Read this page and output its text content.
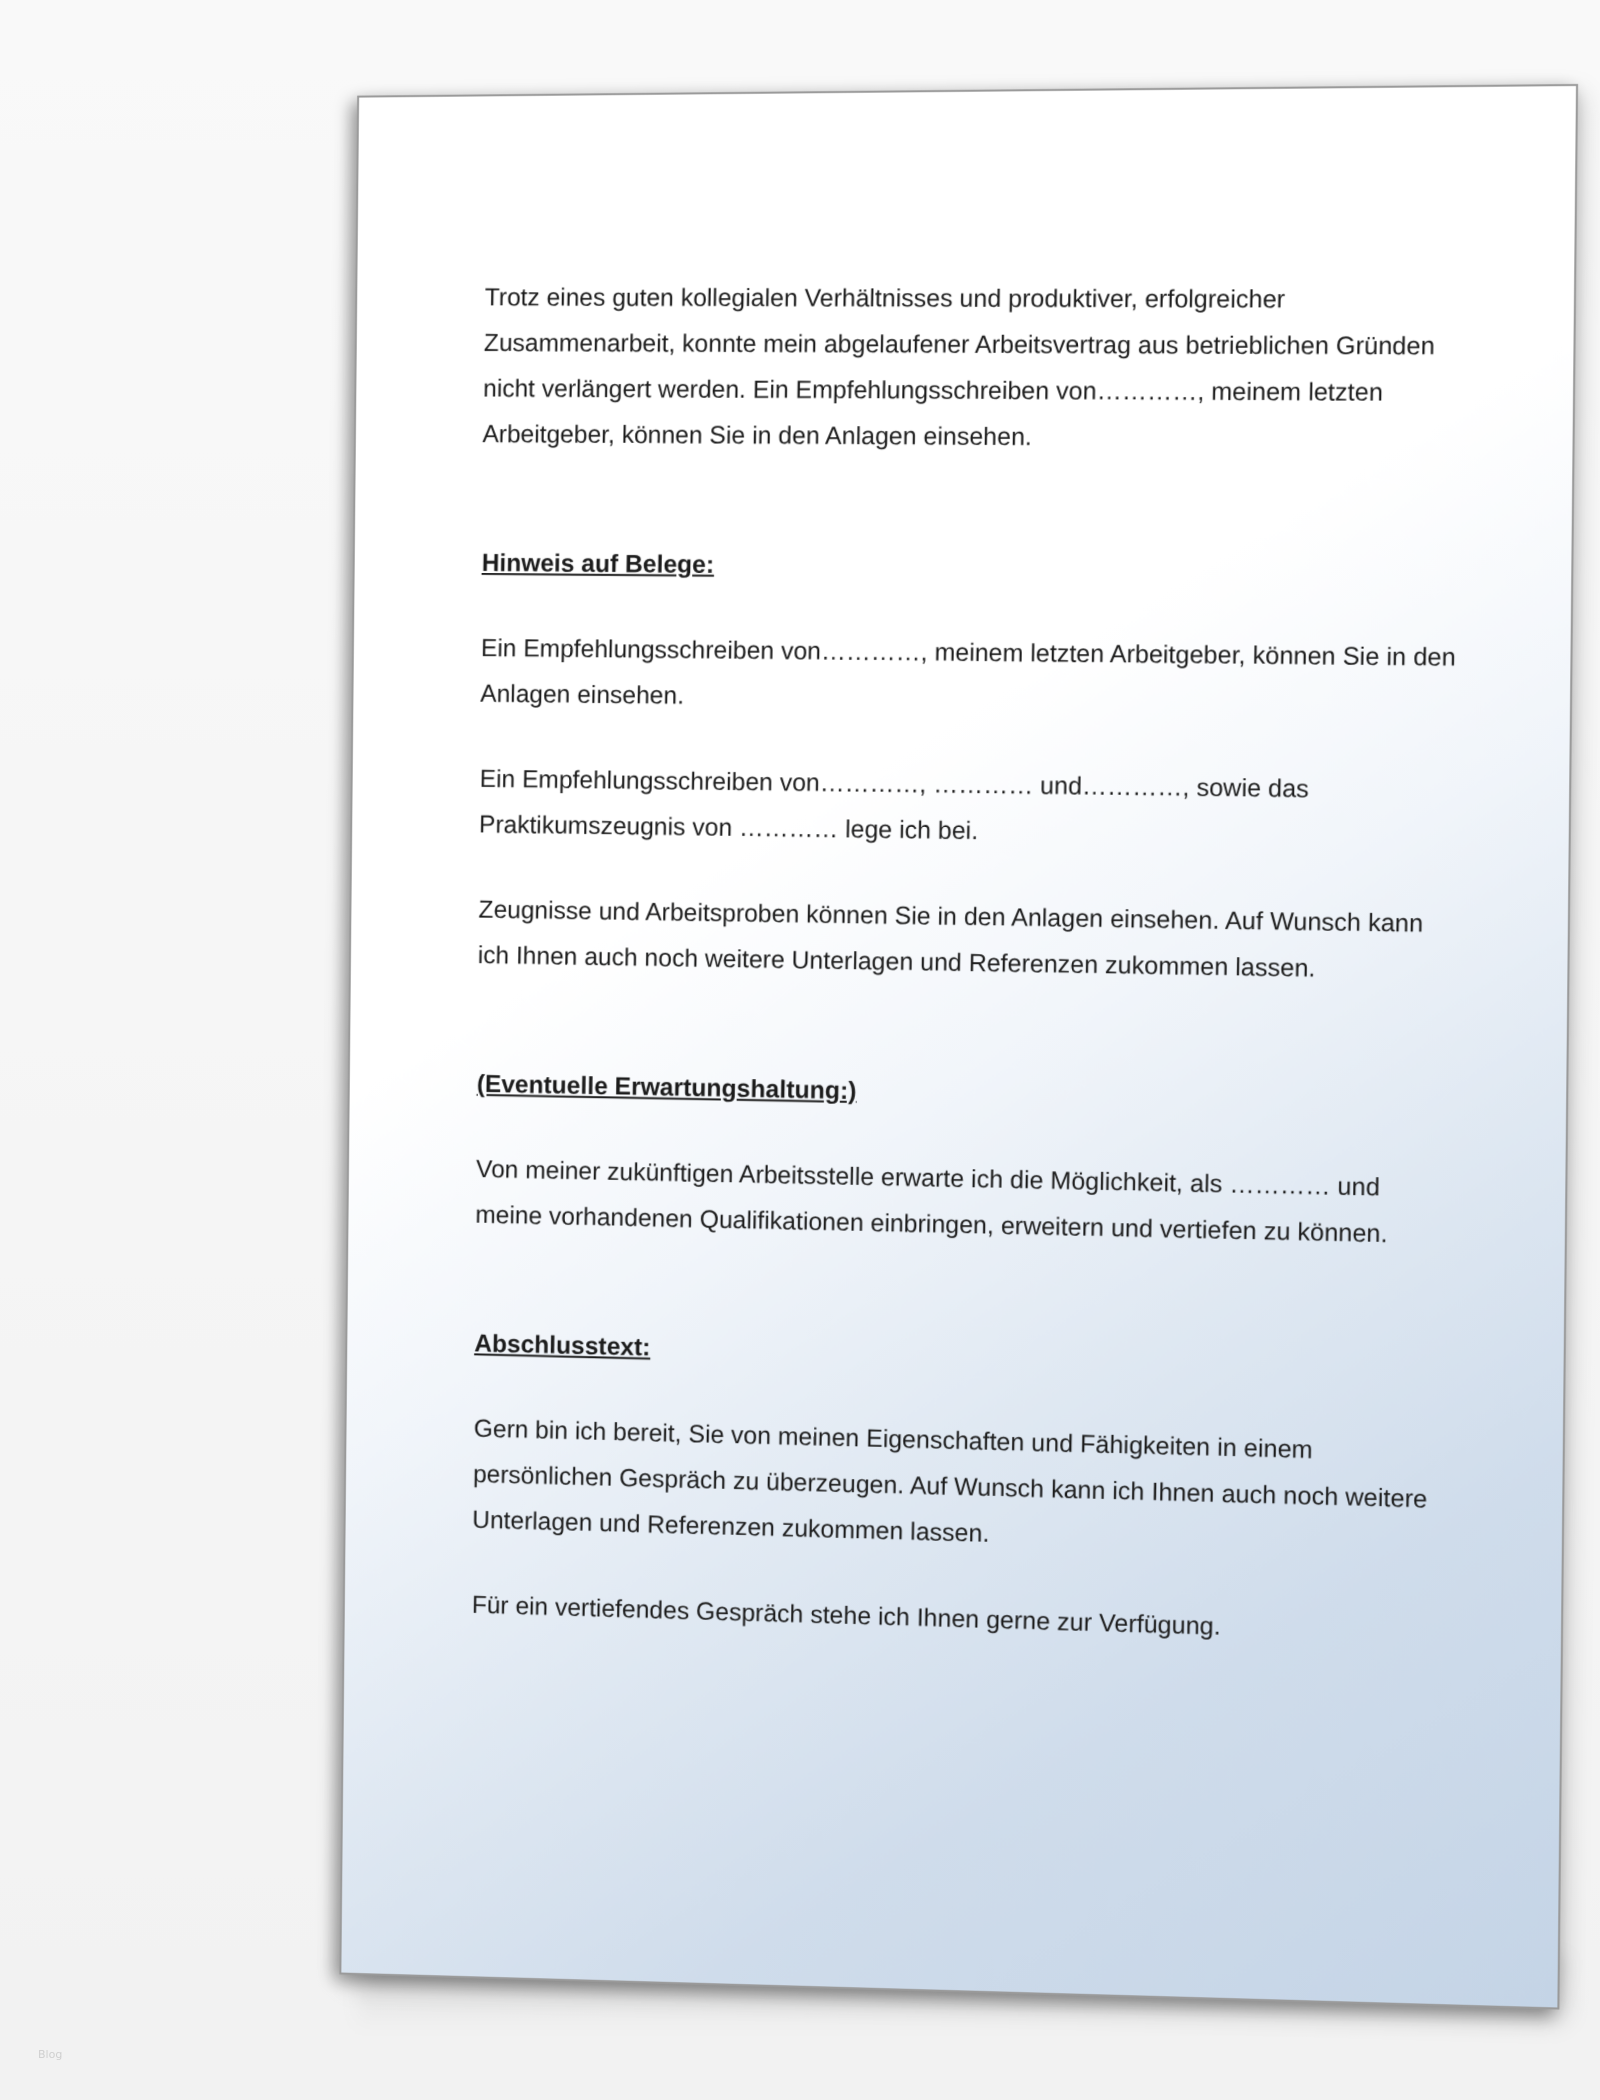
Trotz eines guten kollegialen Verhältnisses und produktiver, erfolgreicher Zusammenarbeit, konnte mein abgelaufener Arbeitsvertrag aus betrieblichen Gründen nicht verlängert werden. Ein Empfehlungsschreiben von…………, meinem letzten Arbeitgeber, können Sie in den Anlagen einsehen.

Hinweis auf Belege:

Ein Empfehlungsschreiben von…………, meinem letzten Arbeitgeber, können Sie in den Anlagen einsehen.

Ein Empfehlungsschreiben von…………, ………… und…………, sowie das Praktikumszeugnis von ………… lege ich bei.

Zeugnisse und Arbeitsproben können Sie in den Anlagen einsehen. Auf Wunsch kann ich Ihnen auch noch weitere Unterlagen und Referenzen zukommen lassen.

(Eventuelle Erwartungshaltung:)

Von meiner zukünftigen Arbeitsstelle erwarte ich die Möglichkeit, als ………… und meine vorhandenen Qualifikationen einbringen, erweitern und vertiefen zu können.

Abschlusstext:

Gern bin ich bereit, Sie von meinen Eigenschaften und Fähigkeiten in einem persönlichen Gespräch zu überzeugen. Auf Wunsch kann ich Ihnen auch noch weitere Unterlagen und Referenzen zukommen lassen.

Für ein vertiefendes Gespräch stehe ich Ihnen gerne zur Verfügung.

Blog
